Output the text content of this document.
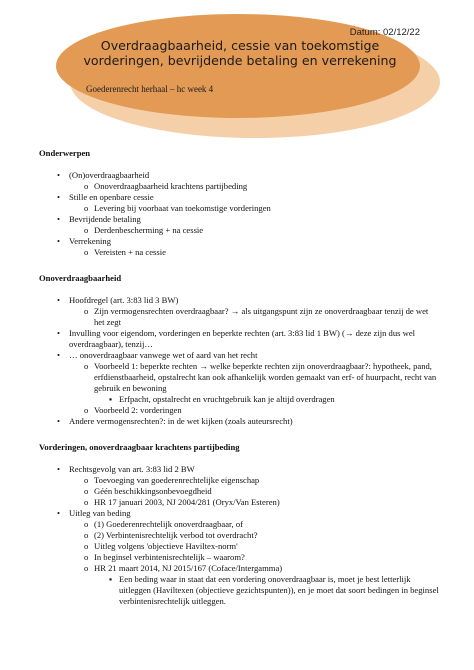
Datum: 02/12/22
Overdraagbaarheid, cessie van toekomstige vorderingen, bevrijdende betaling en verrekening
Goederenrecht herhaal – hc week 4

Onderwerpen

• (On)overdraagbaarheid
o Onoverdraagbaarheid krachtens partijbeding
• Stille en openbare cessie
o Levering bij voorbaat van toekomstige vorderingen
• Bevrijdende betaling
o Derdenbescherming + na cessie
• Verrekening
o Vereisten + na cessie

Onoverdraagbaarheid

• Hoofdregel (art. 3:83 lid 3 BW)
o Zijn vermogensrechten overdraagbaar? → als uitgangspunt zijn ze onoverdraagbaar tenzij de wet het zegt
• Invulling voor eigendom, vorderingen en beperkte rechten (art. 3:83 lid 1 BW) (→ deze zijn dus wel overdraagbaar), tenzij…
• … onoverdraagbaar vanwege wet of aard van het recht
o Voorbeeld 1: beperkte rechten → welke beperkte rechten zijn onoverdraagbaar?: hypotheek, pand, erfdienstbaarheid, opstalrecht kan ook afhankelijk worden gemaakt van erf- of huurpacht, recht van gebruik en bewoning
▪ Erfpacht, opstalrecht en vruchtgebruik kan je altijd overdragen
o Voorbeeld 2: vorderingen
• Andere vermogensrechten?: in de wet kijken (zoals auteursrecht)

Vorderingen, onoverdraagbaar krachtens partijbeding

• Rechtsgevolg van art. 3:83 lid 2 BW
o Toevoeging van goederenrechtelijke eigenschap
o Géén beschikkingsonbevoegdheid
o HR 17 januari 2003, NJ 2004/281 (Oryx/Van Esteren)
• Uitleg van beding
o (1) Goederenrechtelijk onoverdraagbaar, of
o (2) Verbintenisrechtelijk verbod tot overdracht?
o Uitleg volgens 'objectieve Haviltex-norm'
o In beginsel verbintenisrechtelijk – waarom?
o HR 21 maart 2014, NJ 2015/167 (Coface/Intergamma)
▪ Een beding waar in staat dat een vordering onoverdraagbaar is, moet je best letterlijk uitleggen (Haviltexen (objectieve gezichtspunten)), en je moet dat soort bedingen in beginsel verbintenisrechtelijk uitleggen.
